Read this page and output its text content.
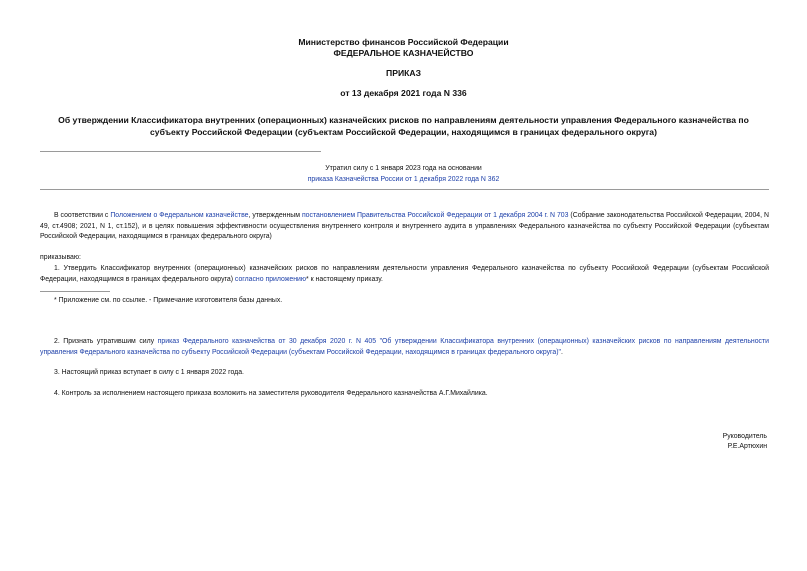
Министерство финансов Российской Федерации
ФЕДЕРАЛЬНОЕ КАЗНАЧЕЙСТВО
ПРИКАЗ
от 13 декабря 2021 года N 336
Об утверждении Классификатора внутренних (операционных) казначейских рисков по направлениям деятельности управления Федерального казначейства по субъекту Российской Федерации (субъектам Российской Федерации, находящимся в границах федерального округа)
Утратил силу с 1 января 2023 года на основании
приказа Казначейства России от 1 декабря 2022 года N 362
В соответствии с Положением о Федеральном казначействе, утвержденным постановлением Правительства Российской Федерации от 1 декабря 2004 г. N 703 (Собрание законодательства Российской Федерации, 2004, N 49, ст.4908; 2021, N 1, ст.152), и в целях повышения эффективности осуществления внутреннего контроля и внутреннего аудита в управлениях Федерального казначейства по субъекту Российской Федерации (субъектам Российской Федерации, находящимся в границах федерального округа)
приказываю:
1. Утвердить Классификатор внутренних (операционных) казначейских рисков по направлениям деятельности управления Федерального казначейства по субъекту Российской Федерации (субъектам Российской Федерации, находящимся в границах федерального округа) согласно приложению* к настоящему приказу.
* Приложение см. по ссылке. - Примечание изготовителя базы данных.
2. Признать утратившим силу приказ Федерального казначейства от 30 декабря 2020 г. N 405 "Об утверждении Классификатора внутренних (операционных) казначейских рисков по направлениям деятельности управления Федерального казначейства по субъекту Российской Федерации (субъектам Российской Федерации, находящимся в границах федерального округа)".
3. Настоящий приказ вступает в силу с 1 января 2022 года.
4. Контроль за исполнением настоящего приказа возложить на заместителя руководителя Федерального казначейства А.Г.Михайлика.
Руководитель
Р.Е.Артюхин
